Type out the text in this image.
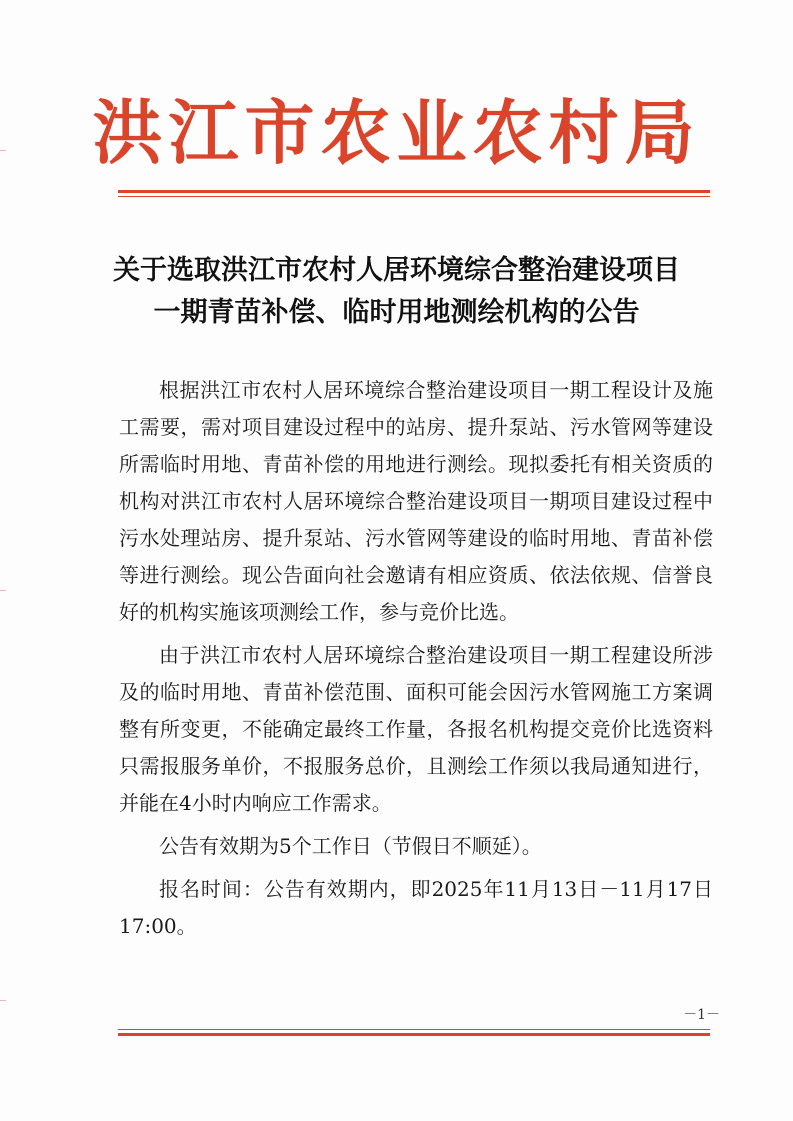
洪江市农业农村局
关于选取洪江市农村人居环境综合整治建设项目
一期青苗补偿、临时用地测绘机构的公告

根据洪江市农村人居环境综合整治建设项目一期工程设计及施工需要，需对项目建设过程中的站房、提升泵站、污水管网等建设所需临时用地、青苗补偿的用地进行测绘。现拟委托有相关资质的机构对洪江市农村人居环境综合整治建设项目一期项目建设过程中污水处理站房、提升泵站、污水管网等建设的临时用地、青苗补偿等进行测绘。现公告面向社会邀请有相应资质、依法依规、信誉良好的机构实施该项测绘工作，参与竞价比选。

由于洪江市农村人居环境综合整治建设项目一期工程建设所涉及的临时用地、青苗补偿范围、面积可能会因污水管网施工方案调整有所变更，不能确定最终工作量，各报名机构提交竞价比选资料只需报服务单价，不报服务总价，且测绘工作须以我局通知进行，并能在4小时内响应工作需求。

公告有效期为5个工作日（节假日不顺延）。

报名时间：公告有效期内，即2025年11月13日－11月17日17:00。

－1－
